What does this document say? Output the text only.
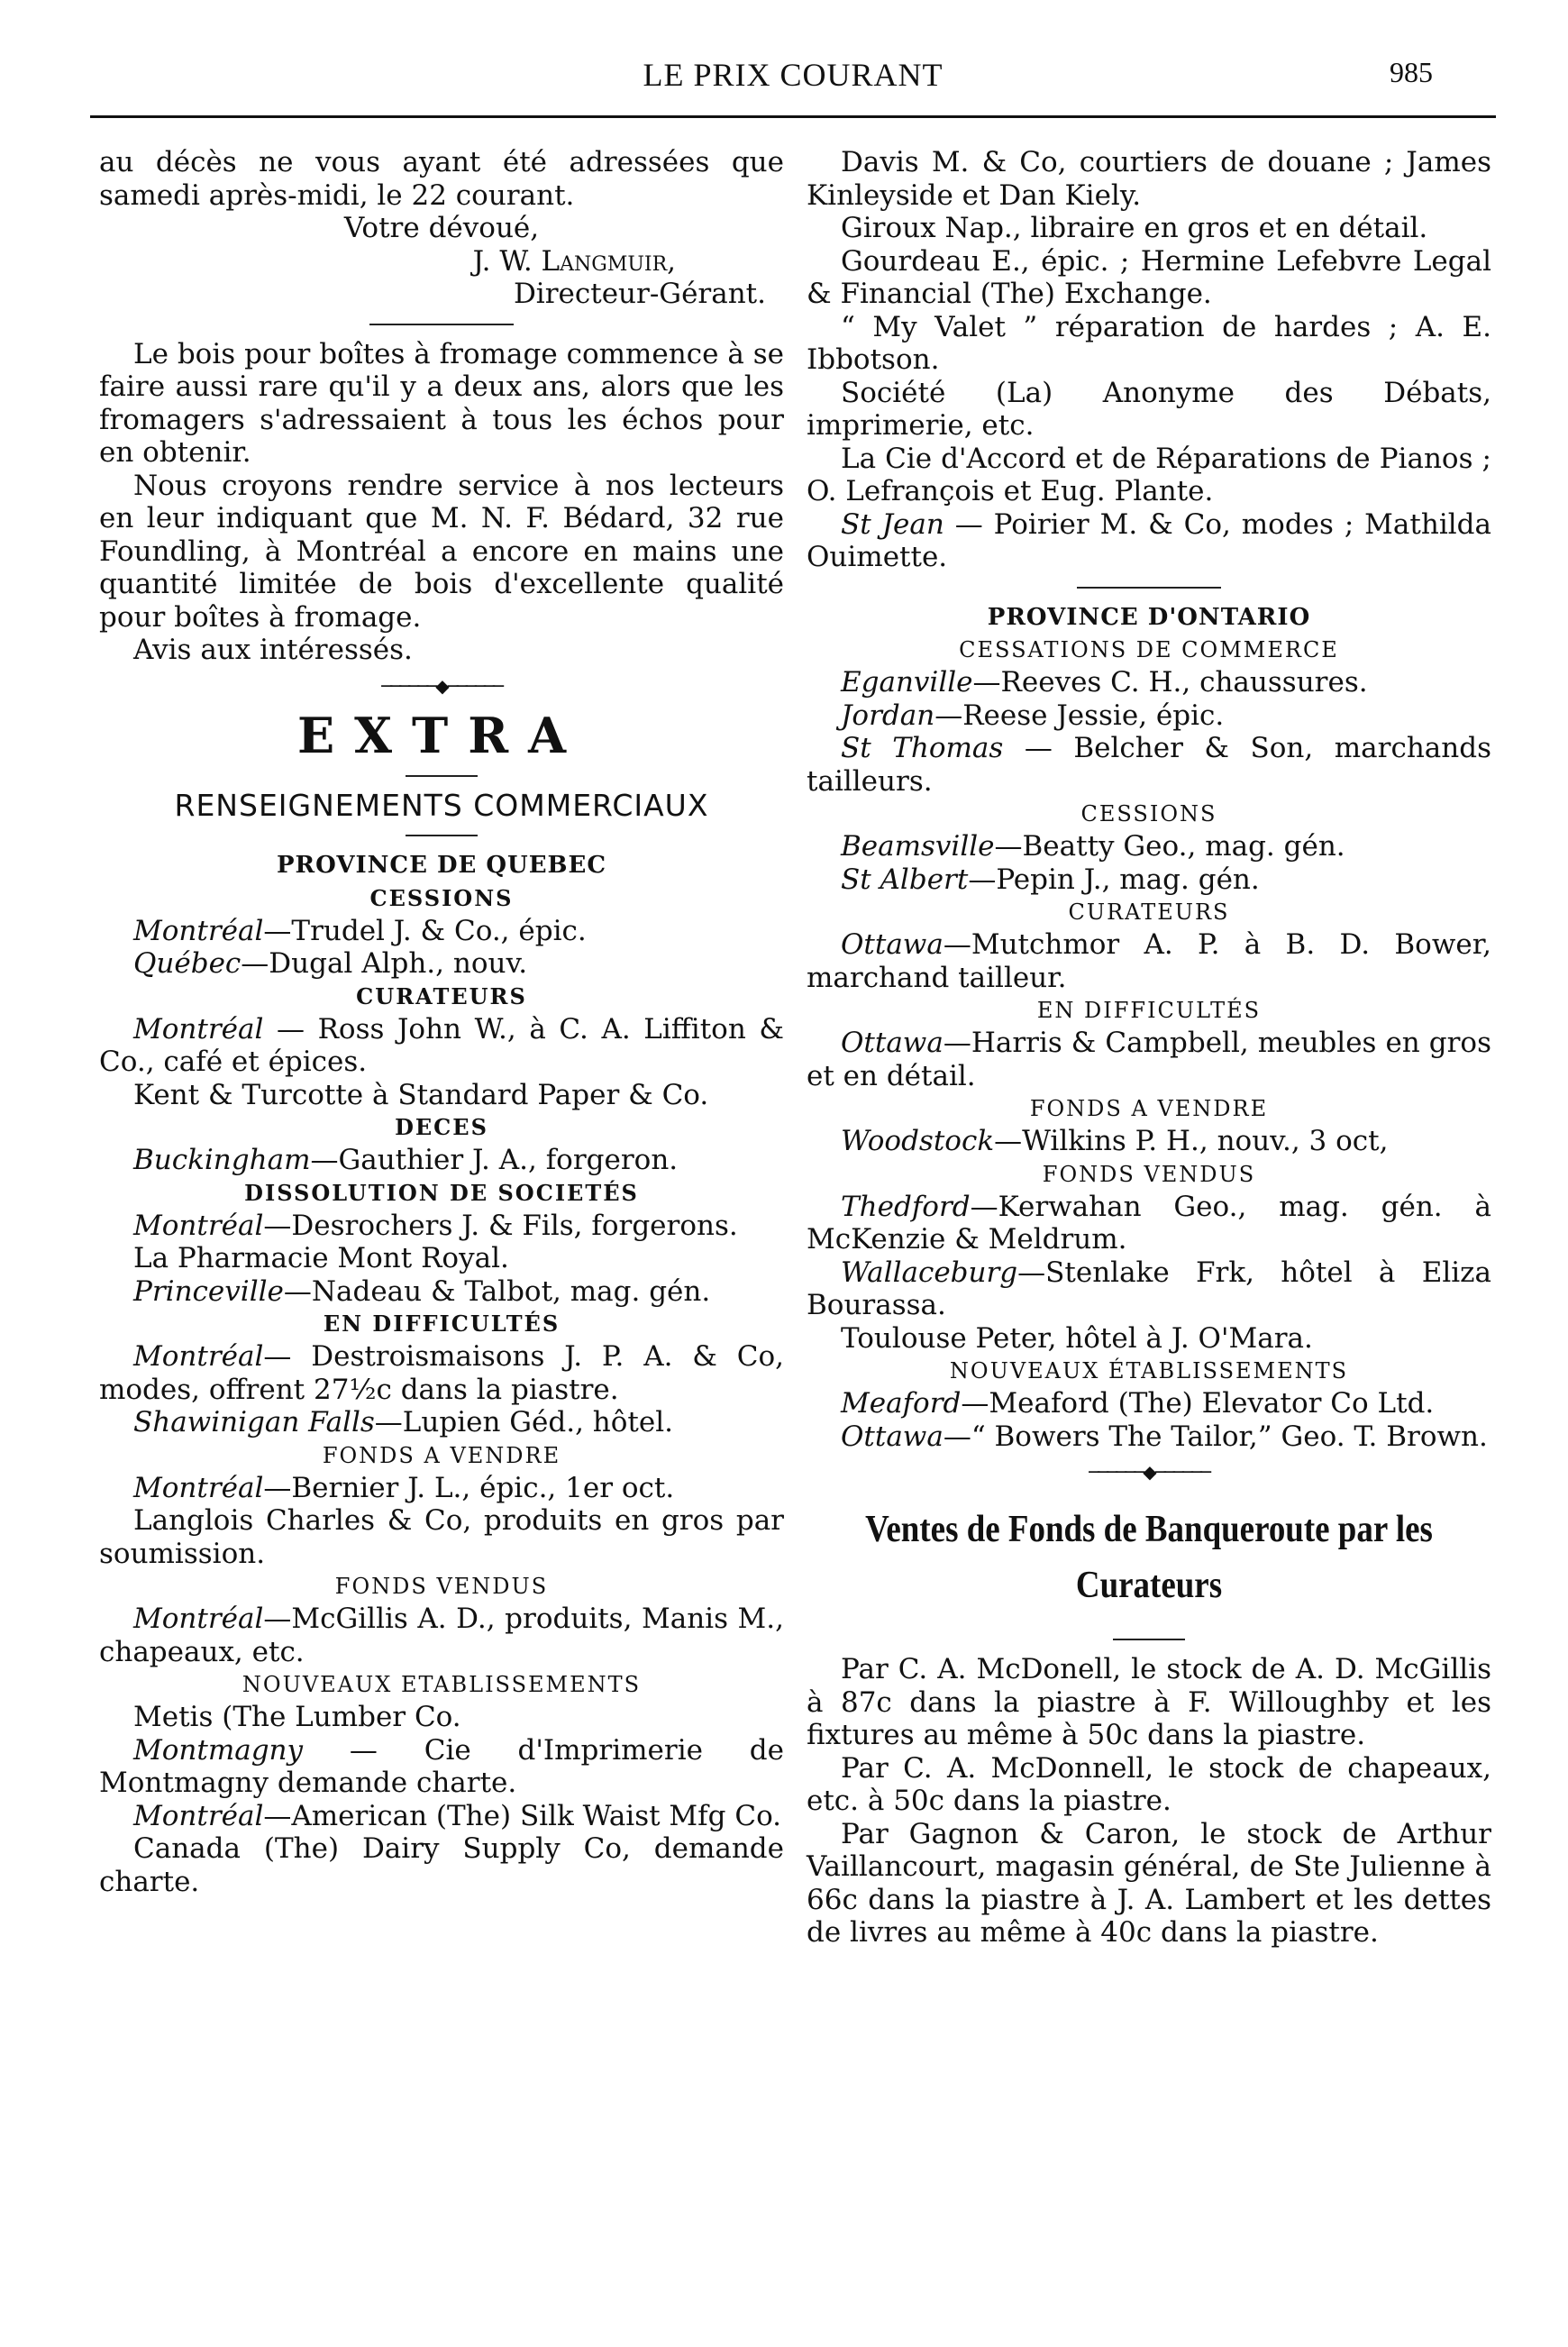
LE PRIX COURANT	985

au décès ne vous ayant été adressées que samedi après-midi, le 22 courant.

Votre dévoué,

J. W. Langmuir,

Directeur-Gérant.

Le bois pour boîtes à fromage commence à se faire aussi rare qu'il y a deux ans, alors que les fromagers s'adressaient à tous les échos pour en obtenir.

Nous croyons rendre service à nos lecteurs en leur indiquant que M. N. F. Bédard, 32 rue Foundling, à Montréal a encore en mains une quantité limitée de bois d'excellente qualité pour boîtes à fromage.

Avis aux intéressés.

──────◆──────
EXTRA
RENSEIGNEMENTS COMMERCIAUX
PROVINCE DE QUEBEC
CESSIONS

Montréal—Trudel J. & Co., épic.

Québec—Dugal Alph., nouv.

CURATEURS

Montréal — Ross John W., à C. A. Liffiton & Co., café et épices.

Kent & Turcotte à Standard Paper & Co.

DECES

Buckingham—Gauthier J. A., forgeron.

DISSOLUTION DE SOCIETÉS

Montréal—Desrochers J. & Fils, forgerons.

La Pharmacie Mont Royal.

Princeville—Nadeau & Talbot, mag. gén.

EN DIFFICULTÉS

Montréal— Destroismaisons J. P. A. & Co, modes, offrent 27½c dans la piastre.

Shawinigan Falls—Lupien Géd., hôtel.

FONDS A VENDRE

Montréal—Bernier J. L., épic., 1er oct.

Langlois Charles & Co, produits en gros par soumission.

FONDS VENDUS

Montréal—McGillis A. D., produits, Manis M., chapeaux, etc.

NOUVEAUX ETABLISSEMENTS

Metis (The Lumber Co.

Montmagny — Cie d'Imprimerie de Montmagny demande charte.

Montréal—American (The) Silk Waist Mfg Co.

Canada (The) Dairy Supply Co, demande charte.

Davis M. & Co, courtiers de douane ; James Kinleyside et Dan Kiely.

Giroux Nap., libraire en gros et en détail.

Gourdeau E., épic. ; Hermine Lefebvre Legal & Financial (The) Exchange.

“ My Valet ” réparation de hardes ; A. E. Ibbotson.

Société (La) Anonyme des Débats, imprimerie, etc.

La Cie d'Accord et de Réparations de Pianos ; O. Lefrançois et Eug. Plante.

St Jean — Poirier M. & Co, modes ; Mathilda Ouimette.

PROVINCE D'ONTARIO
CESSATIONS DE COMMERCE

Eganville—Reeves C. H., chaussures.

Jordan—Reese Jessie, épic.

St Thomas — Belcher & Son, marchands tailleurs.

CESSIONS

Beamsville—Beatty Geo., mag. gén.

St Albert—Pepin J., mag. gén.

CURATEURS

Ottawa—Mutchmor A. P. à B. D. Bower, marchand tailleur.

EN DIFFICULTÉS

Ottawa—Harris & Campbell, meubles en gros et en détail.

FONDS A VENDRE

Woodstock—Wilkins P. H., nouv., 3 oct,

FONDS VENDUS

Thedford—Kerwahan Geo., mag. gén. à McKenzie & Meldrum.

Wallaceburg—Stenlake Frk, hôtel à Eliza Bourassa.

Toulouse Peter, hôtel à J. O'Mara.

NOUVEAUX ÉTABLISSEMENTS

Meaford—Meaford (The) Elevator Co Ltd.

Ottawa—“ Bowers The Tailor,” Geo. T. Brown.

──────◆──────
Ventes de Fonds de Banqueroute par les Curateurs

Par C. A. McDonell, le stock de A. D. McGillis à 87c dans la piastre à F. Willoughby et les fixtures au même à 50c dans la piastre.

Par C. A. McDonnell, le stock de chapeaux, etc. à 50c dans la piastre.

Par Gagnon & Caron, le stock de Arthur Vaillancourt, magasin général, de Ste Julienne à 66c dans la piastre à J. A. Lambert et les dettes de livres au même à 40c dans la piastre.
